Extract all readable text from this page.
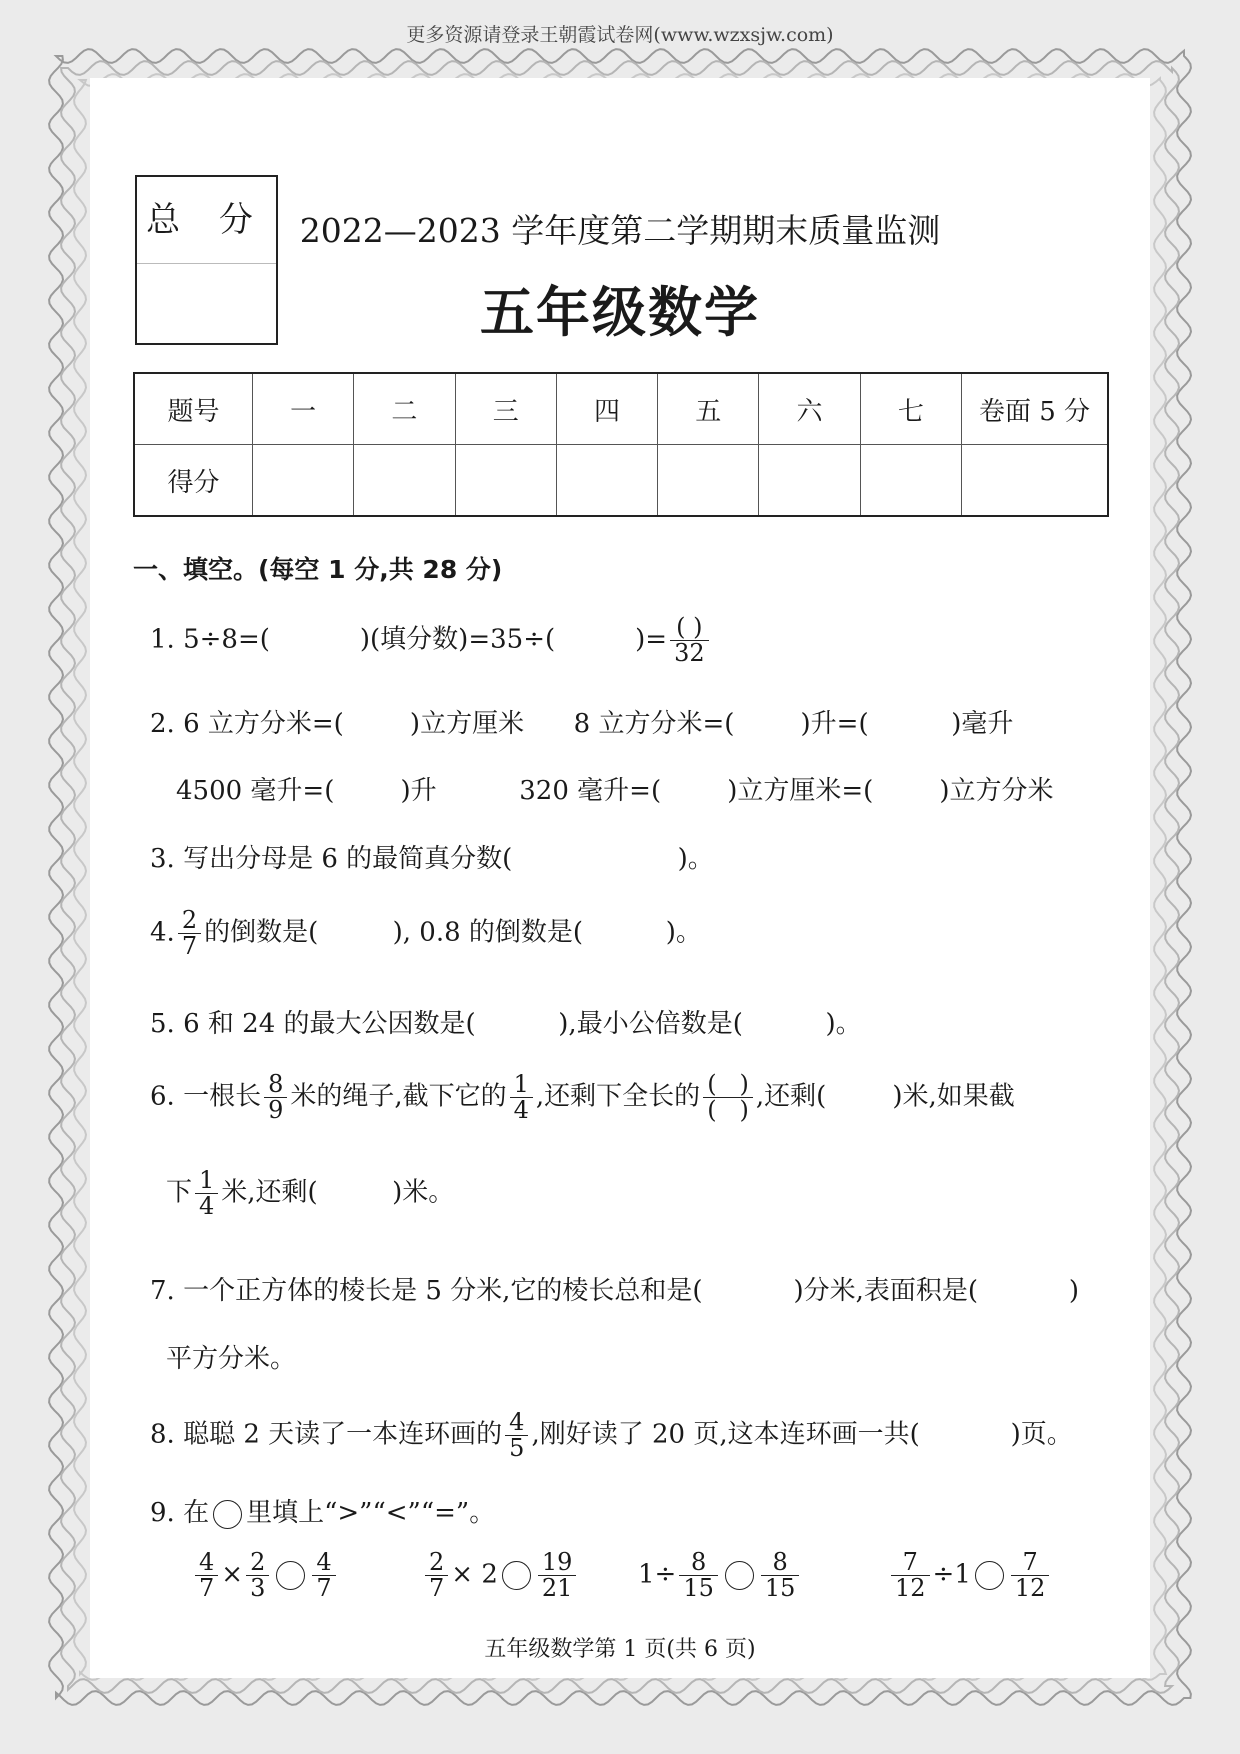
更多资源请登录王朝霞试卷网(www.wzxsjw.com)
总 分 2022—2023 学年度第二学期期末质量监测
五年级数学
题号	一	二	三	四	五	六	七	卷面 5 分
得分								
一、填空。(每空 1 分,共 28 分)
1. 5÷8=(	)(填分数)=35÷(	)= $\frac{( )}{32}$
2. 6 立方分米=(        )立方厘米      8 立方分米=(        )升=(          )毫升
4500 毫升=(        )升          320 毫升=(        )立方厘米=(        )立方分米
3. 写出分母是 6 的最简真分数(                    )。
4. $\frac{2}{7}$ 的倒数是(         ), 0.8 的倒数是(          )。
5. 6 和 24 的最大公因数是(          ),最小公倍数是(          )。
6. 一根长 $\frac{8}{9}$ 米的绳子,截下它的 $\frac{1}{4}$ ,还剩下全长的 $\frac{( )}{( )}$ ,还剩(        )米,如果截
下 $\frac{1}{4}$ 米,还剩(         )米。
7. 一个正方体的棱长是 5 分米,它的棱长总和是(           )分米,表面积是(           )
平方分米。
8. 聪聪 2 天读了一本连环画的 $\frac{4}{5}$ ,刚好读了 20 页,这本连环画一共(           )页。
9. 在 里填上“>”“<”“=”。
$\frac{4}{7} \times \frac{2}{3} \frac{4}{7}$	$\frac{2}{7} \times 2 \frac{19}{21} 1\div \frac{8}{15} \frac{8}{15}$	$\frac{7}{12} \div 1 \frac{7}{12}$
五年级数学第 1 页(共 6 页)
